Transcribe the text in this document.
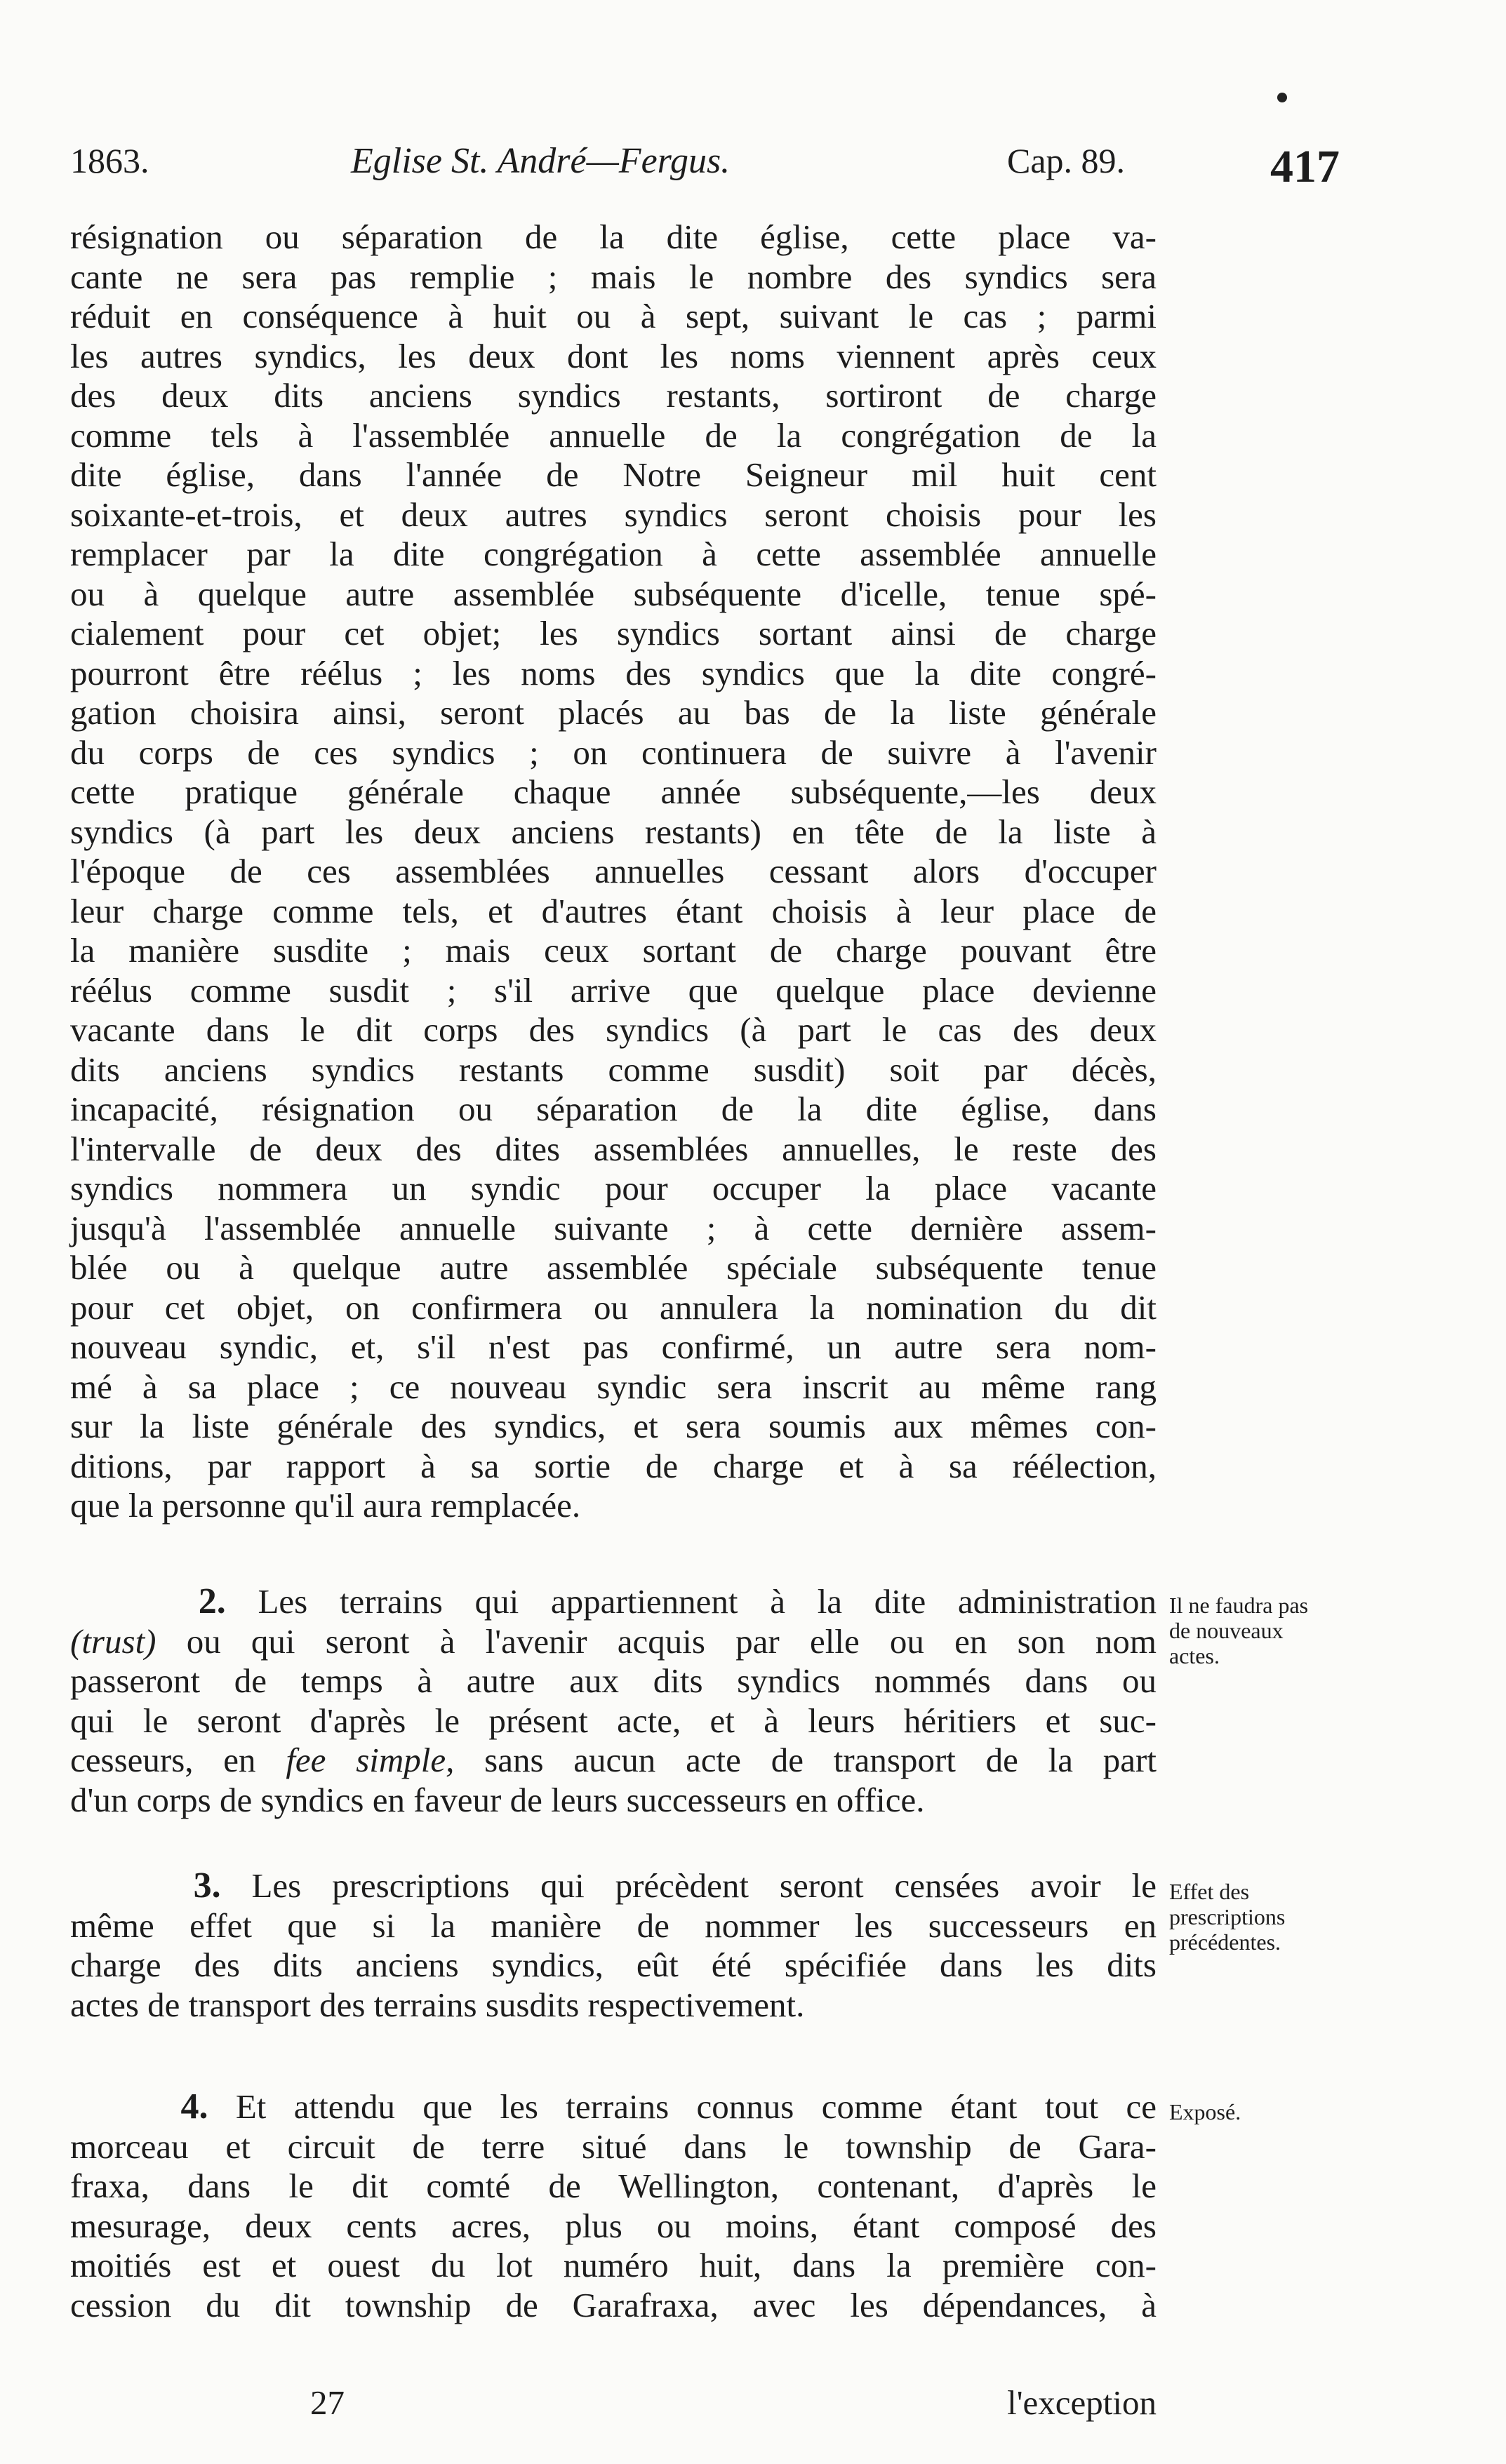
1863.	Eglise St. André—Fergus.	Cap. 89.	417
résignation ou séparation de la dite église, cette place va-
cante ne sera pas remplie ; mais le nombre des syndics sera
réduit en conséquence à huit ou à sept, suivant le cas ; parmi
les autres syndics, les deux dont les noms viennent après ceux
des deux dits anciens syndics restants, sortiront de charge
comme tels à l'assemblée annuelle de la congrégation de la
dite église, dans l'année de Notre Seigneur mil huit cent
soixante-et-trois, et deux autres syndics seront choisis pour les
remplacer par la dite congrégation à cette assemblée annuelle
ou à quelque autre assemblée subséquente d'icelle, tenue spé-
cialement pour cet objet; les syndics sortant ainsi de charge
pourront être réélus ; les noms des syndics que la dite congré-
gation choisira ainsi, seront placés au bas de la liste générale
du corps de ces syndics ; on continuera de suivre à l'avenir
cette pratique générale chaque année subséquente,—les deux
syndics (à part les deux anciens restants) en tête de la liste à
l'époque de ces assemblées annuelles cessant alors d'occuper
leur charge comme tels, et d'autres étant choisis à leur place de
la manière susdite ; mais ceux sortant de charge pouvant être
réélus comme susdit ; s'il arrive que quelque place devienne
vacante dans le dit corps des syndics (à part le cas des deux
dits anciens syndics restants comme susdit) soit par décès,
incapacité, résignation ou séparation de la dite église, dans
l'intervalle de deux des dites assemblées annuelles, le reste des
syndics nommera un syndic pour occuper la place vacante
jusqu'à l'assemblée annuelle suivante ; à cette dernière assem-
blée ou à quelque autre assemblée spéciale subséquente tenue
pour cet objet, on confirmera ou annulera la nomination du dit
nouveau syndic, et, s'il n'est pas confirmé, un autre sera nom-
mé à sa place ; ce nouveau syndic sera inscrit au même rang
sur la liste générale des syndics, et sera soumis aux mêmes con-
ditions, par rapport à sa sortie de charge et à sa réélection,
que la personne qu'il aura remplacée.
2. Les terrains qui appartiennent à la dite administration
(trust) ou qui seront à l'avenir acquis par elle ou en son nom
passeront de temps à autre aux dits syndics nommés dans ou
qui le seront d'après le présent acte, et à leurs héritiers et suc-
cesseurs, en fee simple, sans aucun acte de transport de la part
d'un corps de syndics en faveur de leurs successeurs en office.
Il ne faudra pas
de nouveaux
actes.
3. Les prescriptions qui précèdent seront censées avoir le
même effet que si la manière de nommer les successeurs en
charge des dits anciens syndics, eût été spécifiée dans les dits
actes de transport des terrains susdits respectivement.
Effet des
prescriptions
précédentes.
4. Et attendu que les terrains connus comme étant tout ce
morceau et circuit de terre situé dans le township de Gara-
fraxa, dans le dit comté de Wellington, contenant, d'après le
mesurage, deux cents acres, plus ou moins, étant composé des
moitiés est et ouest du lot numéro huit, dans la première con-
cession du dit township de Garafraxa, avec les dépendances, à
Exposé.
27	l'exception
